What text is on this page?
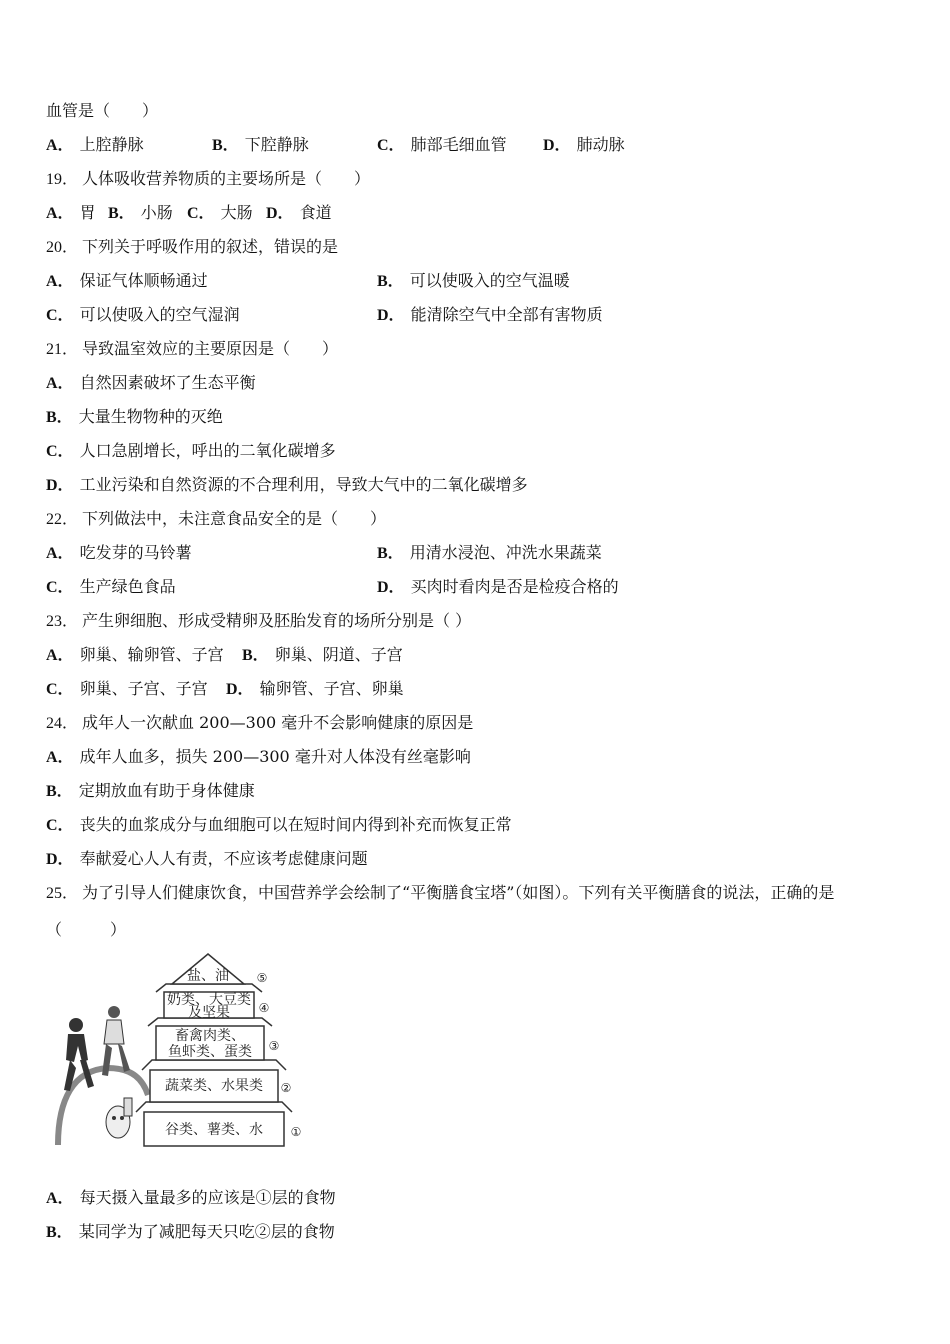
血管是（　　）
A． 上腔静脉	B． 下腔静脉	C． 肺部毛细血管 D． 肺动脉
19． 人体吸收营养物质的主要场所是（　　）
A． 胃 B． 小肠 C． 大肠 D． 食道
20． 下列关于呼吸作用的叙述，错误的是
A． 保证气体顺畅通过	B． 可以使吸入的空气温暖
C． 可以使吸入的空气湿润	D． 能清除空气中全部有害物质
21． 导致温室效应的主要原因是（　　）
A． 自然因素破坏了生态平衡
B． 大量生物物种的灭绝
C． 人口急剧增长，呼出的二氧化碳增多
D． 工业污染和自然资源的不合理利用，导致大气中的二氧化碳增多
22． 下列做法中，未注意食品安全的是（　　）
A． 吃发芽的马铃薯	B． 用清水浸泡、冲洗水果蔬菜
C． 生产绿色食品	D． 买肉时看肉是否是检疫合格的
23． 产生卵细胞、形成受精卵及胚胎发育的场所分别是（ ）
A． 卵巢、输卵管、子宫 B． 卵巢、阴道、子宫
C． 卵巢、子宫、子宫 D． 输卵管、子宫、卵巢
24． 成年人一次献血 200—300 毫升不会影响健康的原因是
A． 成年人血多，损失 200—300 毫升对人体没有丝毫影响
B． 定期放血有助于身体健康
C． 丧失的血浆成分与血细胞可以在短时间内得到补充而恢复正常
D． 奉献爱心人人有责，不应该考虑健康问题
25． 为了引导人们健康饮食，中国营养学会绘制了“平衡膳食宝塔”（如图）。下列有关平衡膳食的说法，正确的是
（　　　）
谷类、薯类、水 ①
蔬菜类、水果类 ②
畜禽肉类、
鱼虾类、蛋类 ③
奶类、大豆类
及坚果 ④
盐、油 ⑤
A． 每天摄入量最多的应该是①层的食物
B． 某同学为了减肥每天只吃②层的食物
